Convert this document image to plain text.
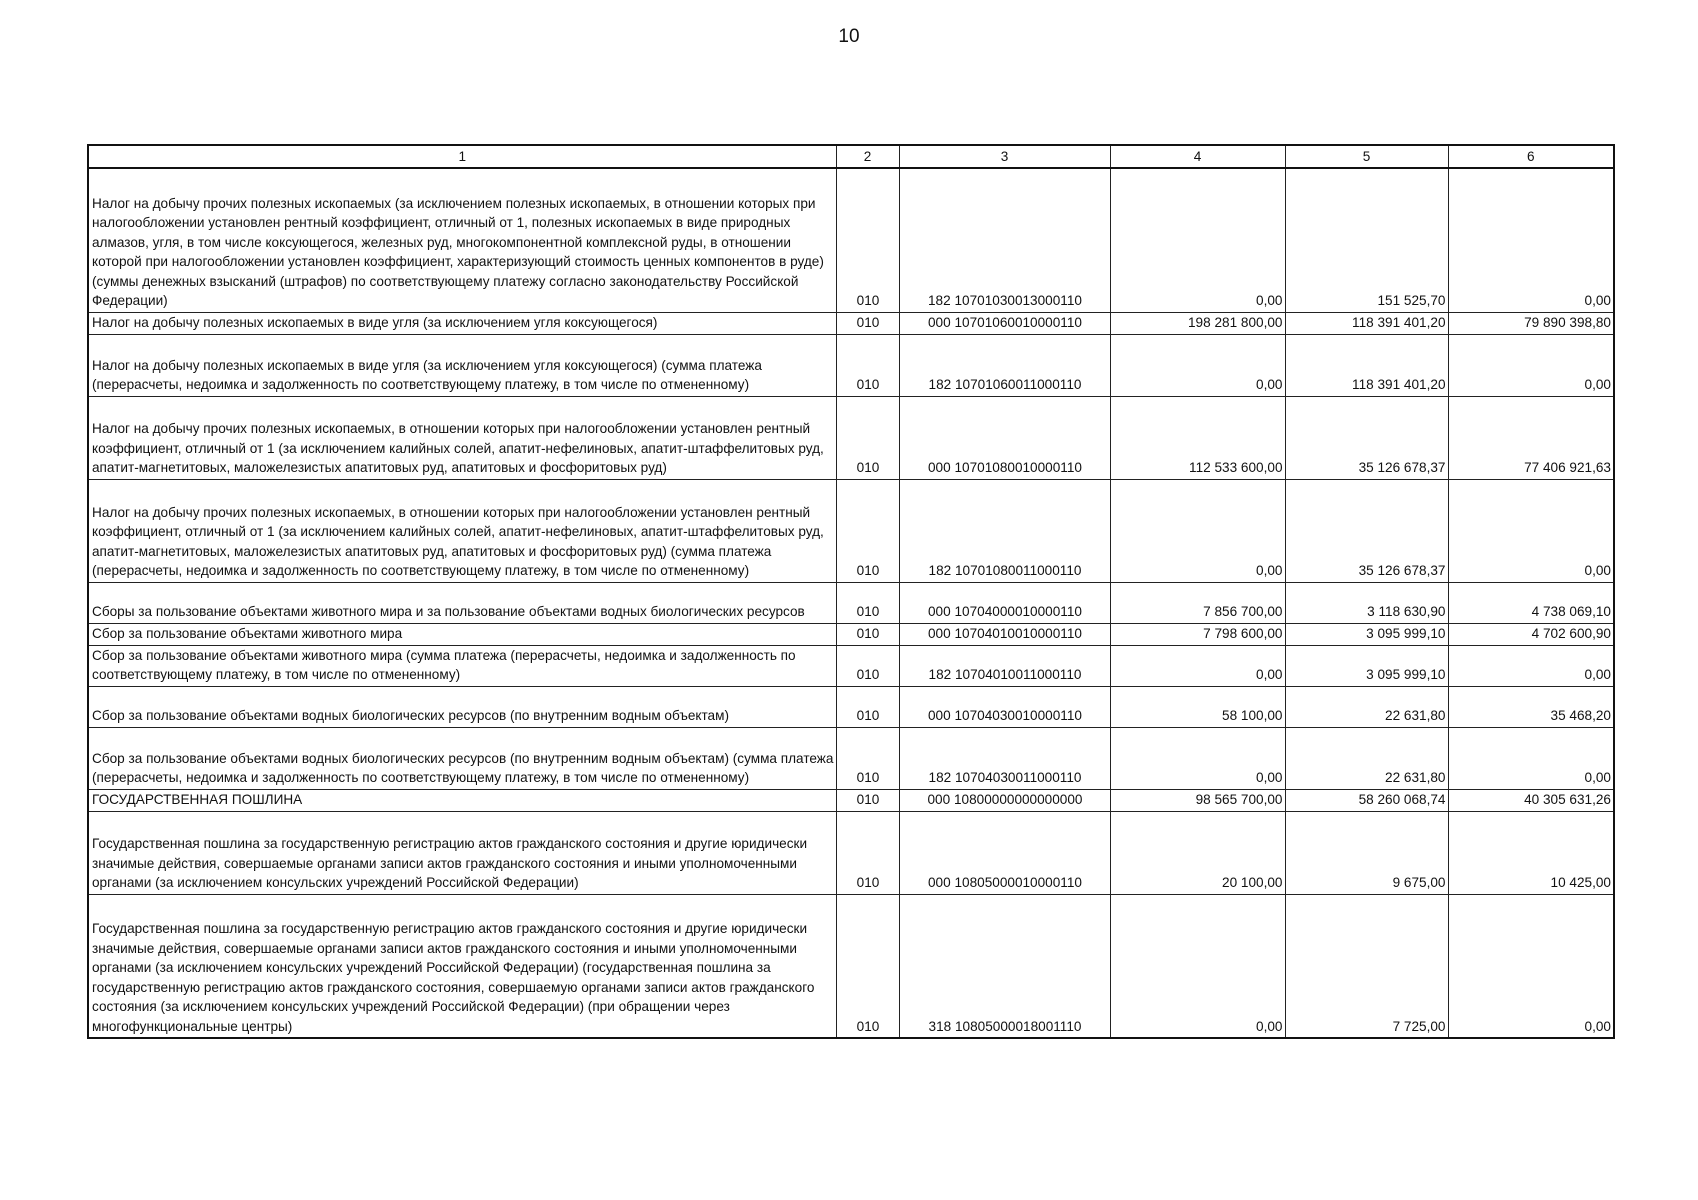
10
1	2	3	4	5	6
Налог на добычу прочих полезных ископаемых (за исключением полезных ископаемых, в отношении которых при налогообложении установлен рентный коэффициент, отличный от 1, полезных ископаемых в виде природных алмазов, угля, в том числе коксующегося, железных руд, многокомпонентной комплексной руды, в отношении которой при налогообложении установлен коэффициент, характеризующий стоимость ценных компонентов в руде) (суммы денежных взысканий (штрафов) по соответствующему платежу согласно законодательству Российской Федерации)	010	182 10701030013000110	0,00	151 525,70	0,00
Налог на добычу полезных ископаемых в виде угля (за исключением угля коксующегося)	010	000 10701060010000110	198 281 800,00	118 391 401,20	79 890 398,80
Налог на добычу полезных ископаемых в виде угля (за исключением угля коксующегося) (сумма платежа (перерасчеты, недоимка и задолженность по соответствующему платежу, в том числе по отмененному)	010	182 10701060011000110	0,00	118 391 401,20	0,00
Налог на добычу прочих полезных ископаемых, в отношении которых при налогообложении установлен рентный коэффициент, отличный от 1 (за исключением калийных солей, апатит-нефелиновых, апатит-штаффелитовых руд, апатит-магнетитовых, маложелезистых апатитовых руд, апатитовых и фосфоритовых руд)	010	000 10701080010000110	112 533 600,00	35 126 678,37	77 406 921,63
Налог на добычу прочих полезных ископаемых, в отношении которых при налогообложении установлен рентный коэффициент, отличный от 1 (за исключением калийных солей, апатит-нефелиновых, апатит-штаффелитовых руд, апатит-магнетитовых, маложелезистых апатитовых руд, апатитовых и фосфоритовых руд) (сумма платежа (перерасчеты, недоимка и задолженность по соответствующему платежу, в том числе по отмененному)	010	182 10701080011000110	0,00	35 126 678,37	0,00
Сборы за пользование объектами животного мира и за пользование объектами водных биологических ресурсов	010	000 10704000010000110	7 856 700,00	3 118 630,90	4 738 069,10
Сбор за пользование объектами животного мира	010	000 10704010010000110	7 798 600,00	3 095 999,10	4 702 600,90
Сбор за пользование объектами животного мира (сумма платежа (перерасчеты, недоимка и задолженность по соответствующему платежу, в том числе по отмененному)	010	182 10704010011000110	0,00	3 095 999,10	0,00
Сбор за пользование объектами водных биологических ресурсов (по внутренним водным объектам)	010	000 10704030010000110	58 100,00	22 631,80	35 468,20
Сбор за пользование объектами водных биологических ресурсов (по внутренним водным объектам) (сумма платежа (перерасчеты, недоимка и задолженность по соответствующему платежу, в том числе по отмененному)	010	182 10704030011000110	0,00	22 631,80	0,00
ГОСУДАРСТВЕННАЯ ПОШЛИНА	010	000 10800000000000000	98 565 700,00	58 260 068,74	40 305 631,26
Государственная пошлина за государственную регистрацию актов гражданского состояния и другие юридически значимые действия, совершаемые органами записи актов гражданского состояния и иными уполномоченными органами (за исключением консульских учреждений Российской Федерации)	010	000 10805000010000110	20 100,00	9 675,00	10 425,00
Государственная пошлина за государственную регистрацию актов гражданского состояния и другие юридически значимые действия, совершаемые органами записи актов гражданского состояния и иными уполномоченными органами (за исключением консульских учреждений Российской Федерации) (государственная пошлина за государственную регистрацию актов гражданского состояния, совершаемую органами записи актов гражданского состояния (за исключением консульских учреждений Российской Федерации) (при обращении через многофункциональные центры)	010	318 10805000018001110	0,00	7 725,00	0,00
